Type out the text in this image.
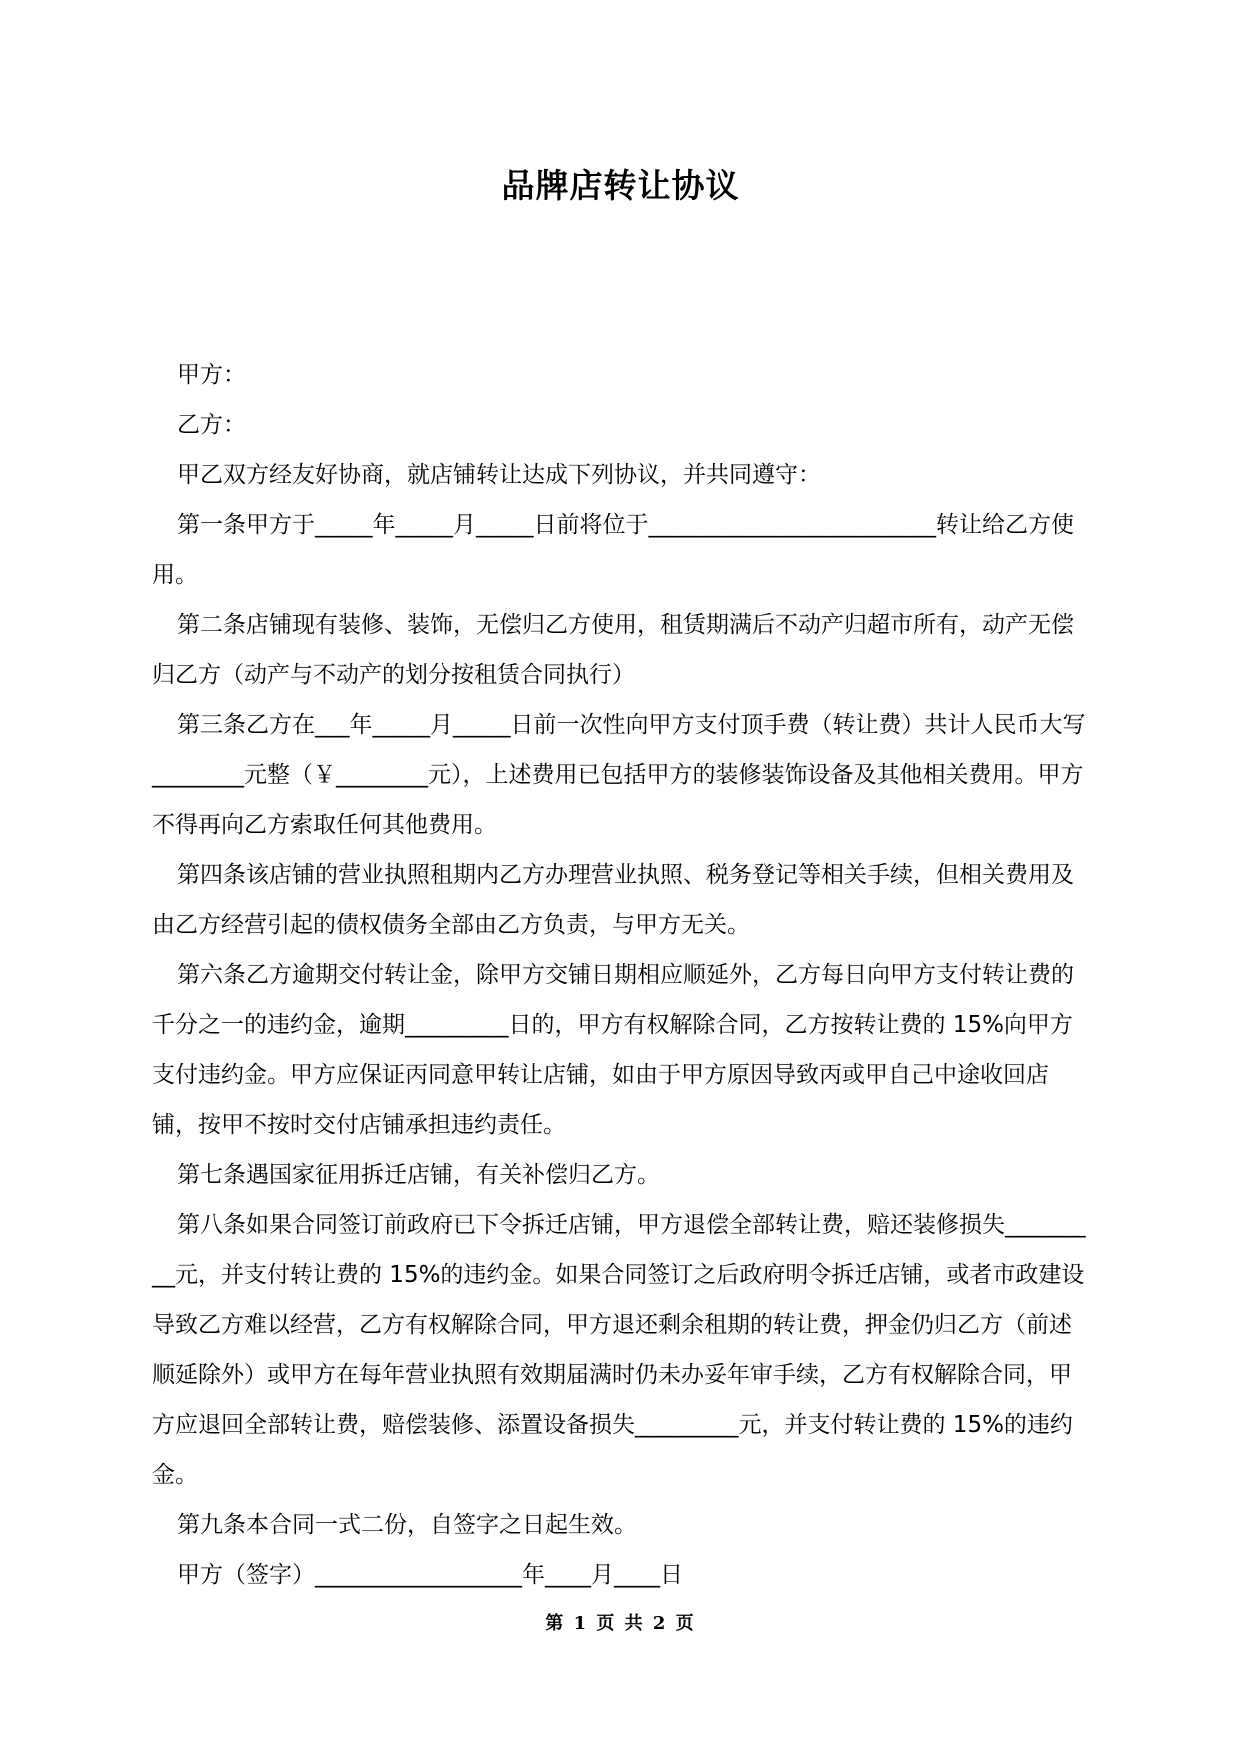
品牌店转让协议

甲方：

乙方：

甲乙双方经友好协商，就店铺转让达成下列协议，并共同遵守：

第一条甲方于_____年_____月_____日前将位于_________________________转让给乙方使用。

第二条店铺现有装修、装饰，无偿归乙方使用，租赁期满后不动产归超市所有，动产无偿归乙方（动产与不动产的划分按租赁合同执行）

第三条乙方在___年_____月_____日前一次性向甲方支付顶手费（转让费）共计人民币大写________元整（￥________元），上述费用已包括甲方的装修装饰设备及其他相关费用。甲方不得再向乙方索取任何其他费用。

第四条该店铺的营业执照租期内乙方办理营业执照、税务登记等相关手续，但相关费用及由乙方经营引起的债权债务全部由乙方负责，与甲方无关。

第六条乙方逾期交付转让金，除甲方交铺日期相应顺延外，乙方每日向甲方支付转让费的千分之一的违约金，逾期_________日的，甲方有权解除合同，乙方按转让费的 15%向甲方支付违约金。甲方应保证丙同意甲转让店铺，如由于甲方原因导致丙或甲自己中途收回店铺，按甲不按时交付店铺承担违约责任。

第七条遇国家征用拆迁店铺，有关补偿归乙方。

第八条如果合同签订前政府已下令拆迁店铺，甲方退偿全部转让费，赔还装修损失_________元，并支付转让费的 15%的违约金。如果合同签订之后政府明令拆迁店铺，或者市政建设导致乙方难以经营，乙方有权解除合同，甲方退还剩余租期的转让费，押金仍归乙方（前述顺延除外）或甲方在每年营业执照有效期届满时仍未办妥年审手续，乙方有权解除合同，甲方应退回全部转让费，赔偿装修、添置设备损失_________元，并支付转让费的 15%的违约金。

第九条本合同一式二份，自签字之日起生效。

甲方（签字）__________________年____月____日

第 1 页 共 2 页
